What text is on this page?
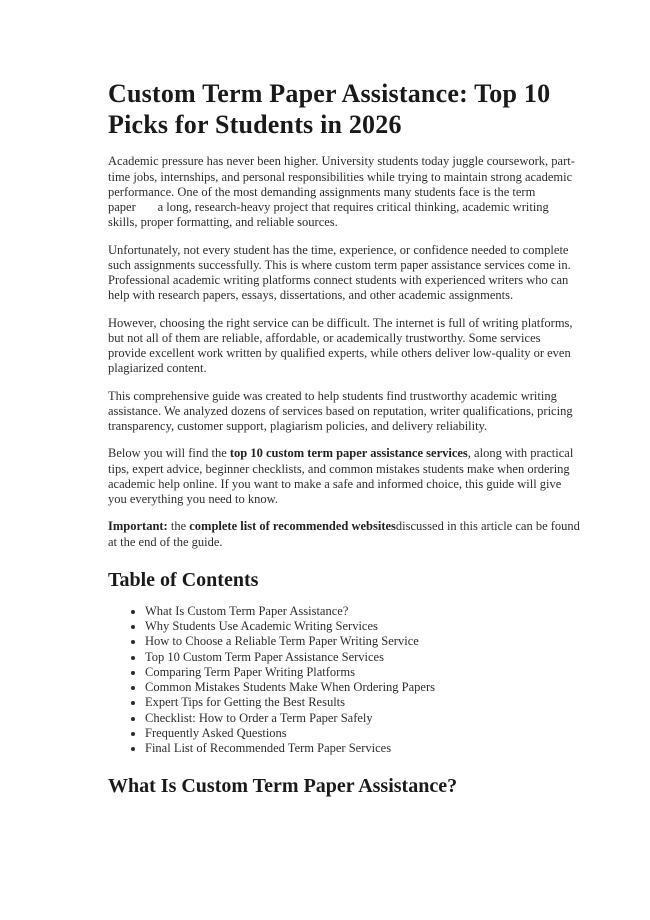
Custom Term Paper Assistance: Top 10 Picks for Students in 2026

Academic pressure has never been higher. University students today juggle coursework, part-time jobs, internships, and personal responsibilities while trying to maintain strong academic performance. One of the most demanding assignments many students face is the term paper       a long, research-heavy project that requires critical thinking, academic writing skills, proper formatting, and reliable sources.

Unfortunately, not every student has the time, experience, or confidence needed to complete such assignments successfully. This is where custom term paper assistance services come in. Professional academic writing platforms connect students with experienced writers who can help with research papers, essays, dissertations, and other academic assignments.

However, choosing the right service can be difficult. The internet is full of writing platforms, but not all of them are reliable, affordable, or academically trustworthy. Some services provide excellent work written by qualified experts, while others deliver low-quality or even plagiarized content.

This comprehensive guide was created to help students find trustworthy academic writing assistance. We analyzed dozens of services based on reputation, writer qualifications, pricing transparency, customer support, plagiarism policies, and delivery reliability.

Below you will find the top 10 custom term paper assistance services, along with practical tips, expert advice, beginner checklists, and common mistakes students make when ordering academic help online. If you want to make a safe and informed choice, this guide will give you everything you need to know.

Important: the complete list of recommended websitesdiscussed in this article can be found at the end of the guide.

Table of Contents
• What Is Custom Term Paper Assistance?
• Why Students Use Academic Writing Services
• How to Choose a Reliable Term Paper Writing Service
• Top 10 Custom Term Paper Assistance Services
• Comparing Term Paper Writing Platforms
• Common Mistakes Students Make When Ordering Papers
• Expert Tips for Getting the Best Results
• Checklist: How to Order a Term Paper Safely
• Frequently Asked Questions
• Final List of Recommended Term Paper Services
What Is Custom Term Paper Assistance?
